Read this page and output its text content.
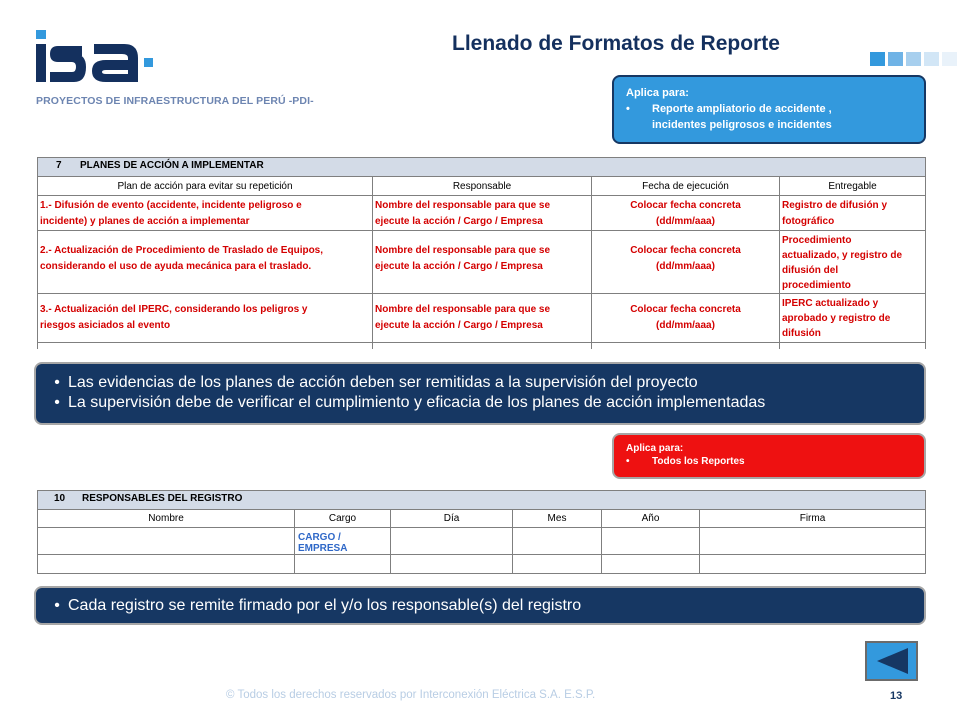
PROYECTOS DE INFRAESTRUCTURA DEL PERÚ -PDI-
Llenado de Formatos de Reporte
Aplica para:
•	Reporte ampliatorio de accidente ,
incidentes peligrosos e incidentes
7 PLANES DE ACCIÓN A IMPLEMENTAR			
Plan de acción para evitar su repetición	Responsable	Fecha de ejecución	Entregable
1.- Difusión de evento (accidente, incidente peligroso e
incidente) y planes de acción a implementar	Nombre del responsable para que se
ejecute la acción / Cargo / Empresa	Colocar fecha concreta
(dd/mm/aaa)	Registro de difusión y
fotográfico
2.- Actualización de Procedimiento de Traslado de Equipos,
considerando el uso de ayuda mecánica para el traslado.	Nombre del responsable para que se
ejecute la acción / Cargo / Empresa	Colocar fecha concreta
(dd/mm/aaa)	Procedimiento
actualizado, y registro de
difusión del
procedimiento
3.- Actualización del IPERC, considerando los peligros y
riesgos asiciados al evento	Nombre del responsable para que se
ejecute la acción / Cargo / Empresa	Colocar fecha concreta
(dd/mm/aaa)	IPERC actualizado y
aprobado y registro de
difusión

• Las evidencias de los planes de acción deben ser remitidas a la supervisión del proyecto
• La supervisión debe de verificar el cumplimiento y eficacia de los planes de acción implementadas
Aplica para:
•	Todos los Reportes
10 RESPONSABLES DEL REGISTRO					
Nombre	Cargo	Día	Mes	Año	Firma
	CARGO / EMPRESA				

• Cada registro se remite firmado por el y/o los responsable(s) del registro
© Todos los derechos reservados por Interconexión Eléctrica S.A. E.S.P.	13
